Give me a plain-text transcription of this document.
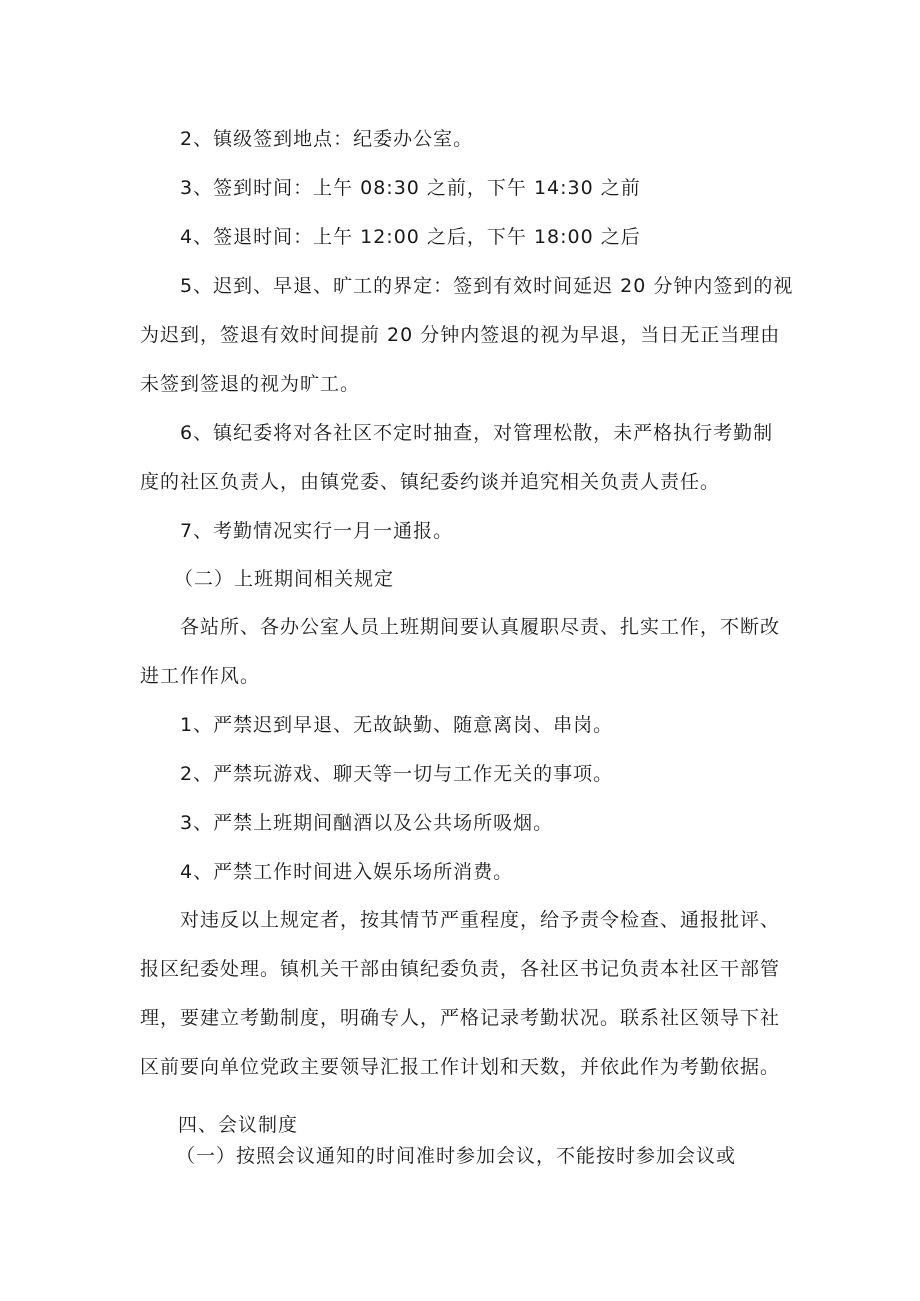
2、镇级签到地点：纪委办公室。
3、签到时间：上午 08:30 之前，下午 14:30 之前
4、签退时间：上午 12:00 之后，下午 18:00 之后
5、迟到、早退、旷工的界定：签到有效时间延迟 20 分钟内签到的视
为迟到，签退有效时间提前 20 分钟内签退的视为早退，当日无正当理由
未签到签退的视为旷工。
6、镇纪委将对各社区不定时抽查，对管理松散，未严格执行考勤制
度的社区负责人，由镇党委、镇纪委约谈并追究相关负责人责任。
7、考勤情况实行一月一通报。
（二）上班期间相关规定
各站所、各办公室人员上班期间要认真履职尽责、扎实工作，不断改
进工作作风。
1、严禁迟到早退、无故缺勤、随意离岗、串岗。
2、严禁玩游戏、聊天等一切与工作无关的事项。
3、严禁上班期间酗酒以及公共场所吸烟。
4、严禁工作时间进入娱乐场所消费。
对违反以上规定者，按其情节严重程度，给予责令检查、通报批评、
报区纪委处理。镇机关干部由镇纪委负责，各社区书记负责本社区干部管
理，要建立考勤制度，明确专人，严格记录考勤状况。联系社区领导下社
区前要向单位党政主要领导汇报工作计划和天数，并依此作为考勤依据。
四、会议制度
（一）按照会议通知的时间准时参加会议，不能按时参加会议或
